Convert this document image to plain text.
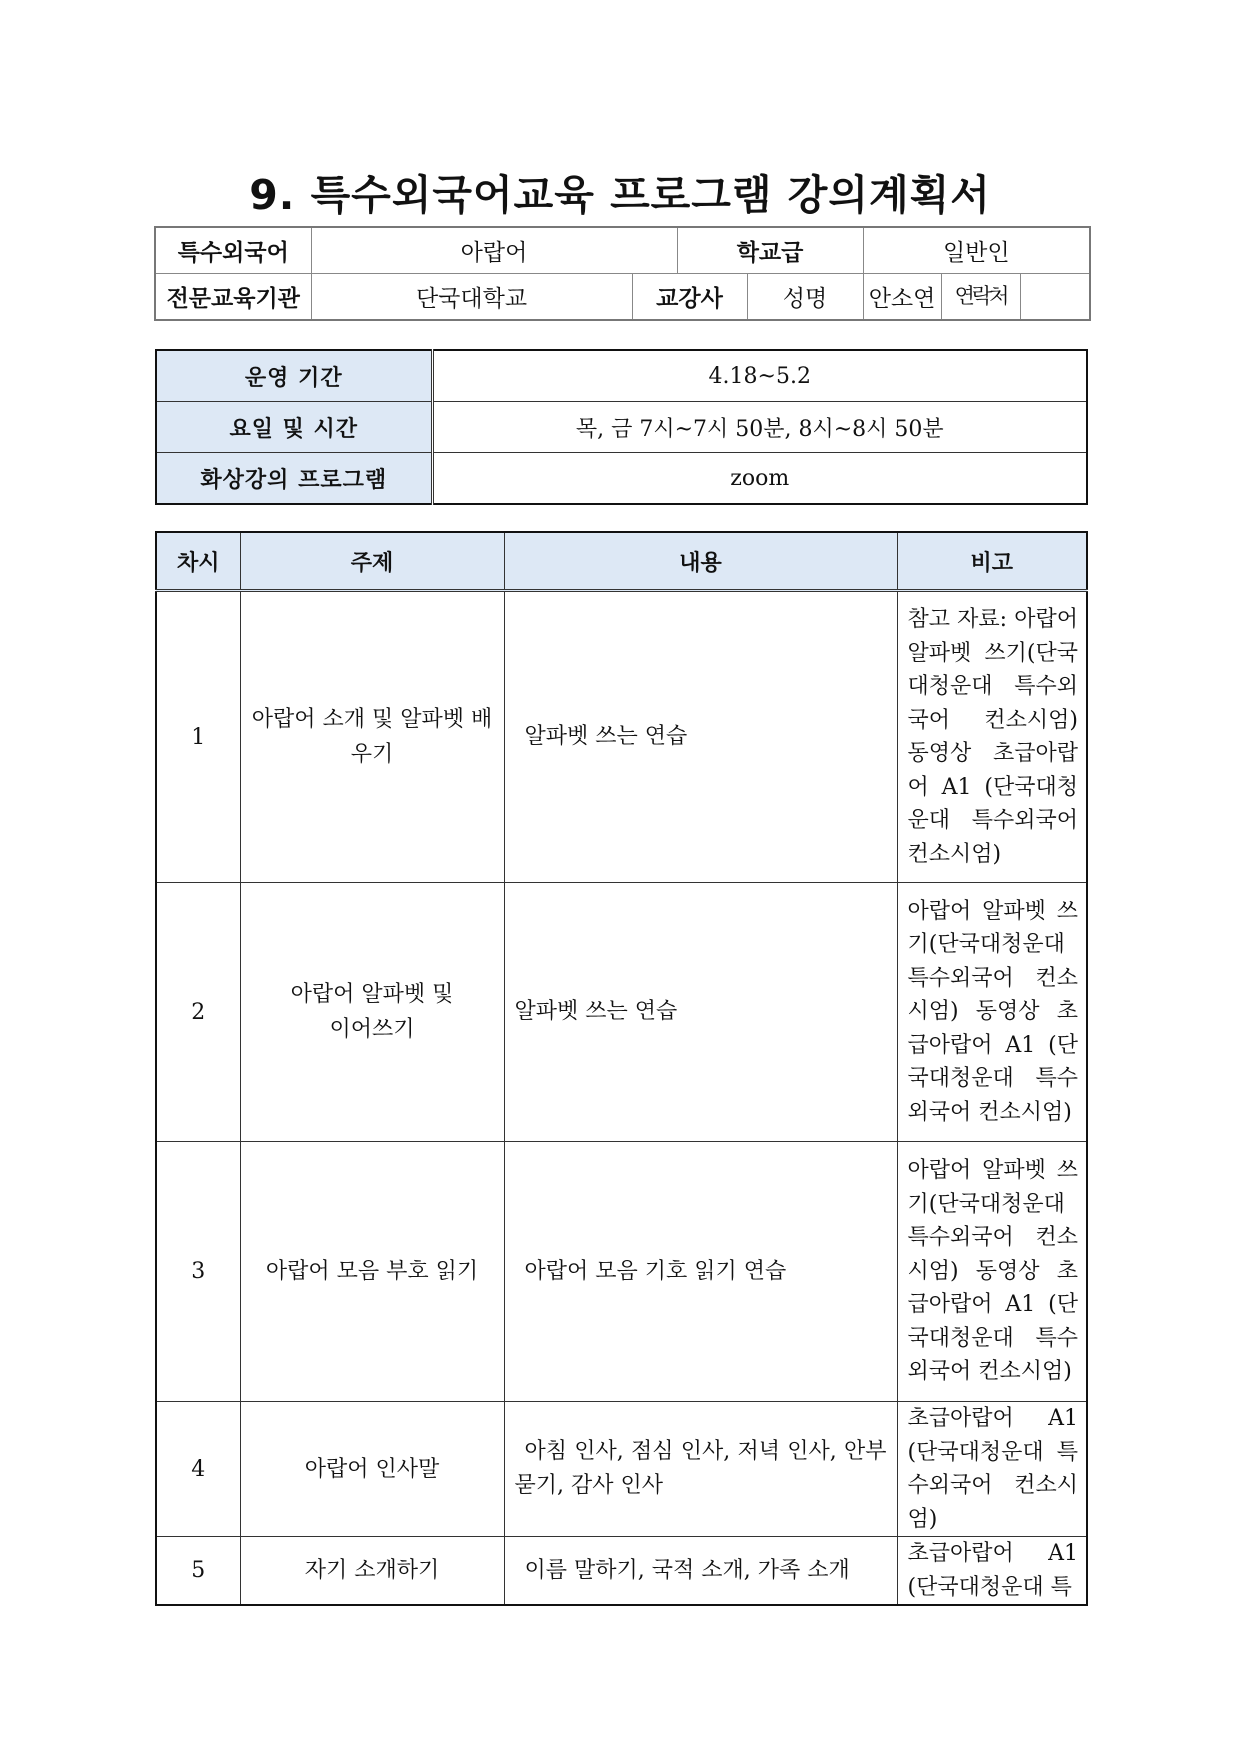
9. 특수외국어교육 프로그램 강의계획서
특수외국어	아랍어		학교급		일반인	
전문교육기관	단국대학교	교강사		성명	안소연	연락처
운영 기간	4.18~5.2
요일 및 시간	목, 금 7시~7시 50분, 8시~8시 50분
화상강의 프로그램	zoom
차시	주제	내용	비고
1	아랍어 소개 및 알파벳 배우기	알파벳 쓰는 연습	참고 자료: 아랍어 알파벳 쓰기(단국대청운대 특수외국어 컨소시엄) 동영상 초급아랍어 A1 (단국대청운대 특수외국어 컨소시엄)
2	아랍어 알파벳 및 이어쓰기	알파벳 쓰는 연습	아랍어 알파벳 쓰기(단국대청운대 특수외국어 컨소시엄) 동영상 초급아랍어 A1 (단국대청운대 특수외국어 컨소시엄)
3	아랍어 모음 부호 읽기	아랍어 모음 기호 읽기 연습	아랍어 알파벳 쓰기(단국대청운대 특수외국어 컨소시엄) 동영상 초급아랍어 A1 (단국대청운대 특수외국어 컨소시엄)
4	아랍어 인사말	아침 인사, 점심 인사, 저녁 인사, 안부 묻기, 감사 인사	초급아랍어 A1 (단국대청운대 특수외국어 컨소시엄)
5	자기 소개하기	이름 말하기, 국적 소개, 가족 소개	초급아랍어 A1 (단국대청운대 특
